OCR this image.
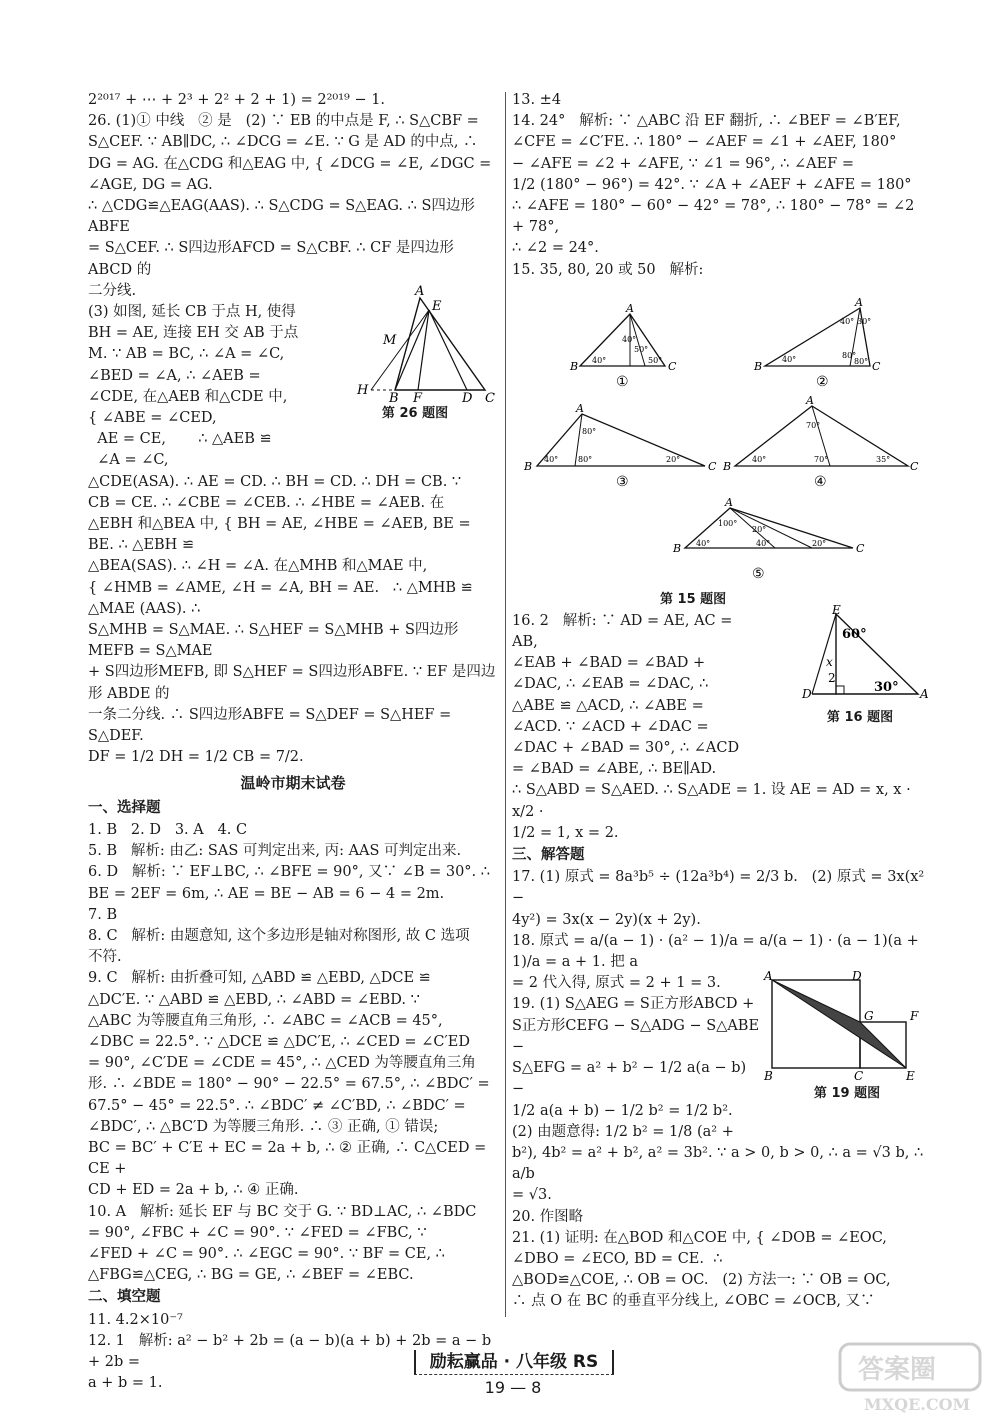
2²⁰¹⁷ + ⋯ + 2³ + 2² + 2 + 1) = 2²⁰¹⁹ − 1.
26. (1)① 中线   ② 是   (2) ∵ EB 的中点是 F, ∴ S△CBF =
S△CEF. ∵ AB∥DC, ∴ ∠DCG = ∠E. ∵ G 是 AD 的中点, ∴
DG = AG. 在△CDG 和△EAG 中, { ∠DCG = ∠E, ∠DGC = ∠AGE, DG = AG.
∴ △CDG≌△EAG(AAS). ∴ S△CDG = S△EAG. ∴ S四边形ABFE
= S△CEF. ∴ S四边形AFCD = S△CBF. ∴ CF 是四边形 ABCD 的
二分线.
(3) 如图, 延长 CB 于点 H, 使得
BH = AE, 连接 EH 交 AB 于点
M. ∵ AB = BC, ∴ ∠A = ∠C,
∠BED = ∠A, ∴ ∠AEB =
∠CDE, 在△AEB 和△CDE 中,
{ ∠ABE = ∠CED,
AE = CE,       ∴ △AEB ≌
∠A = ∠C,
△CDE(ASA). ∴ AE = CD. ∴ BH = CD. ∴ DH = CB. ∵
CB = CE. ∴ ∠CBE = ∠CEB. ∴ ∠HBE = ∠AEB. 在
△EBH 和△BEA 中, { BH = AE, ∠HBE = ∠AEB, BE = BE. ∴ △EBH ≌
△BEA(SAS). ∴ ∠H = ∠A. 在△MHB 和△MAE 中,
{ ∠HMB = ∠AME, ∠H = ∠A, BH = AE.   ∴ △MHB ≌ △MAE (AAS). ∴
S△MHB = S△MAE. ∴ S△HEF = S△MHB + S四边形MEFB = S△MAE
+ S四边形MEFB, 即 S△HEF = S四边形ABFE. ∵ EF 是四边形 ABDE 的
一条二分线. ∴ S四边形ABFE = S△DEF = S△HEF = S△DEF.
DF = 1/2 DH = 1/2 CB = 7/2.
温岭市期末试卷
一、选择题
1. B   2. D   3. A   4. C
5. B   解析: 由乙: SAS 可判定出来, 丙: AAS 可判定出来.
6. D   解析: ∵ EF⊥BC, ∴ ∠BFE = 90°, 又∵ ∠B = 30°. ∴
BE = 2EF = 6m, ∴ AE = BE − AB = 6 − 4 = 2m.
7. B
8. C   解析: 由题意知, 这个多边形是轴对称图形, 故 C 选项
不符.
9. C   解析: 由折叠可知, △ABD ≌ △EBD, △DCE ≌
△DC′E. ∵ △ABD ≌ △EBD, ∴ ∠ABD = ∠EBD. ∵
△ABC 为等腰直角三角形, ∴ ∠ABC = ∠ACB = 45°,
∠DBC = 22.5°. ∵ △DCE ≌ △DC′E, ∴ ∠CED = ∠C′ED
= 90°, ∠C′DE = ∠CDE = 45°, ∴ △CED 为等腰直角三角
形. ∴ ∠BDE = 180° − 90° − 22.5° = 67.5°, ∴ ∠BDC′ =
67.5° − 45° = 22.5°. ∴ ∠BDC′ ≠ ∠C′BD, ∴ ∠BDC′ =
∠BDC′, ∴ △BC′D 为等腰三角形. ∴ ③ 正确, ① 错误;
BC = BC′ + C′E + EC = 2a + b, ∴ ② 正确, ∴ C△CED = CE +
CD + ED = 2a + b, ∴ ④ 正确.
10. A   解析: 延长 EF 与 BC 交于 G. ∵ BD⊥AC, ∴ ∠BDC
= 90°, ∠FBC + ∠C = 90°. ∵ ∠FED = ∠FBC, ∵
∠FED + ∠C = 90°. ∴ ∠EGC = 90°. ∵ BF = CE, ∴
△FBG≌△CEG, ∴ BG = GE, ∴ ∠BEF = ∠EBC.
二、填空题
11. 4.2×10⁻⁷
12. 1   解析: a² − b² + 2b = (a − b)(a + b) + 2b = a − b + 2b =
a + b = 1.
13. ±4
14. 24°   解析: ∵ △ABC 沿 EF 翻折, ∴ ∠BEF = ∠B′EF,
∠CFE = ∠C′FE. ∴ 180° − ∠AEF = ∠1 + ∠AEF, 180°
− ∠AFE = ∠2 + ∠AFE, ∵ ∠1 = 96°, ∴ ∠AEF =
1/2 (180° − 96°) = 42°. ∵ ∠A + ∠AEF + ∠AFE = 180°
∴ ∠AFE = 180° − 60° − 42° = 78°, ∴ 180° − 78° = ∠2 + 78°,
∴ ∠2 = 24°.
15. 35, 80, 20 或 50   解析:
16. 2   解析: ∵ AD = AE, AC = AB,
∠EAB + ∠BAD = ∠BAD +
∠DAC, ∴ ∠EAB = ∠DAC, ∴
△ABE ≌ △ACD, ∴ ∠ABE =
∠ACD. ∵ ∠ACD + ∠DAC =
∠DAC + ∠BAD = 30°, ∴ ∠ACD
= ∠BAD = ∠ABE, ∴ BE∥AD.
∴ S△ABD = S△AED. ∴ S△ADE = 1. 设 AE = AD = x, x · x/2 ·
1/2 = 1, x = 2.
三、解答题
17. (1) 原式 = 8a³b⁵ ÷ (12a³b⁴) = 2/3 b.   (2) 原式 = 3x(x² −
4y²) = 3x(x − 2y)(x + 2y).
18. 原式 = a/(a − 1) · (a² − 1)/a = a/(a − 1) · (a − 1)(a + 1)/a = a + 1. 把 a
= 2 代入得, 原式 = 2 + 1 = 3.
19. (1) S△AEG = S正方形ABCD +
S正方形CEFG − S△ADG − S△ABE −
S△EFG = a² + b² − 1/2 a(a − b) −
1/2 a(a + b) − 1/2 b² = 1/2 b².
(2) 由题意得: 1/2 b² = 1/8 (a² +
b²), 4b² = a² + b², a² = 3b². ∵ a > 0, b > 0, ∴ a = √3 b, ∴ a/b
= √3.
20. 作图略
21. (1) 证明: 在△BOD 和△COE 中, { ∠DOB = ∠EOC, ∠DBO = ∠ECO, BD = CE.  ∴
△BOD≌△COE, ∴ OB = OC.   (2) 方法一: ∵ OB = OC,
∴ 点 O 在 BC 的垂直平分线上, ∠OBC = ∠OCB, 又∵
A
E
M
H
B F	D C
第 26 题图
A
B	C
40°
40°
50°
50°
①
A
B	C
40°
40° 30°
80°
80°
②
A
B	C
40°
80°
80°	20°
③
A
B	C
70°
40°	70°	35°
④
A
B	C
100°
20°
40°	40°	20°
⑤
第 15 题图
E
D	A
60°
30°
x
2
第 16 题图
A	D
G	F
B	C	E
第 19 题图
励耘赢品 · 八年级 RS
19 — 8
答案圈
MXQE.COM
